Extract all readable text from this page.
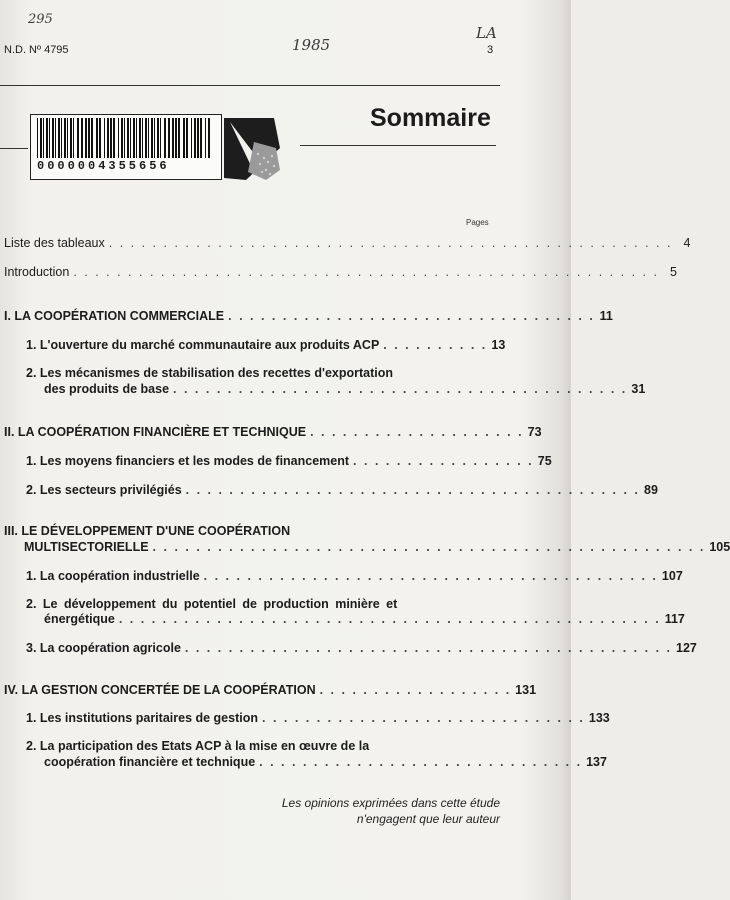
295
1985
LA
N.D. Nº 4795	3
0000004355656
Sommaire
Pages
Liste des tableaux . . . . . . . . . . . . . . . . . . . . . . . . . . . . . . . . . . . . . . . . . . . . . . . . . . . . 4
Introduction . . . . . . . . . . . . . . . . . . . . . . . . . . . . . . . . . . . . . . . . . . . . . . . . . . . . . . 5
I. LA COOPÉRATION COMMERCIALE . . . . . . . . . . . . . . . . . . . . . . . . . . . . . . . . . . 11
1. L'ouverture du marché communautaire aux produits ACP . . . . . . . . . . 13
2. Les mécanismes de stabilisation des recettes d'exportation
des produits de base . . . . . . . . . . . . . . . . . . . . . . . . . . . . . . . . . . . . . . . . . . 31
II. LA COOPÉRATION FINANCIÈRE ET TECHNIQUE . . . . . . . . . . . . . . . . . . . . 73
1. Les moyens financiers et les modes de financement . . . . . . . . . . . . . . . . . 75
2. Les secteurs privilégiés . . . . . . . . . . . . . . . . . . . . . . . . . . . . . . . . . . . . . . . . . . 89
III. LE DÉVELOPPEMENT D'UNE COOPÉRATION
MULTISECTORIELLE . . . . . . . . . . . . . . . . . . . . . . . . . . . . . . . . . . . . . . . . . . . . . . . . . . . 105
1. La coopération industrielle . . . . . . . . . . . . . . . . . . . . . . . . . . . . . . . . . . . . . . . . . . 107
2. Le développement du potentiel de production minière et
énergétique . . . . . . . . . . . . . . . . . . . . . . . . . . . . . . . . . . . . . . . . . . . . . . . . . . 117
3. La coopération agricole . . . . . . . . . . . . . . . . . . . . . . . . . . . . . . . . . . . . . . . . . . . . . 127
IV. LA GESTION CONCERTÉE DE LA COOPÉRATION . . . . . . . . . . . . . . . . . . 131
1. Les institutions paritaires de gestion . . . . . . . . . . . . . . . . . . . . . . . . . . . . . . 133
2. La participation des Etats ACP à la mise en œuvre de la
coopération financière et technique . . . . . . . . . . . . . . . . . . . . . . . . . . . . . . 137
Les opinions exprimées dans cette étude
n'engagent que leur auteur
